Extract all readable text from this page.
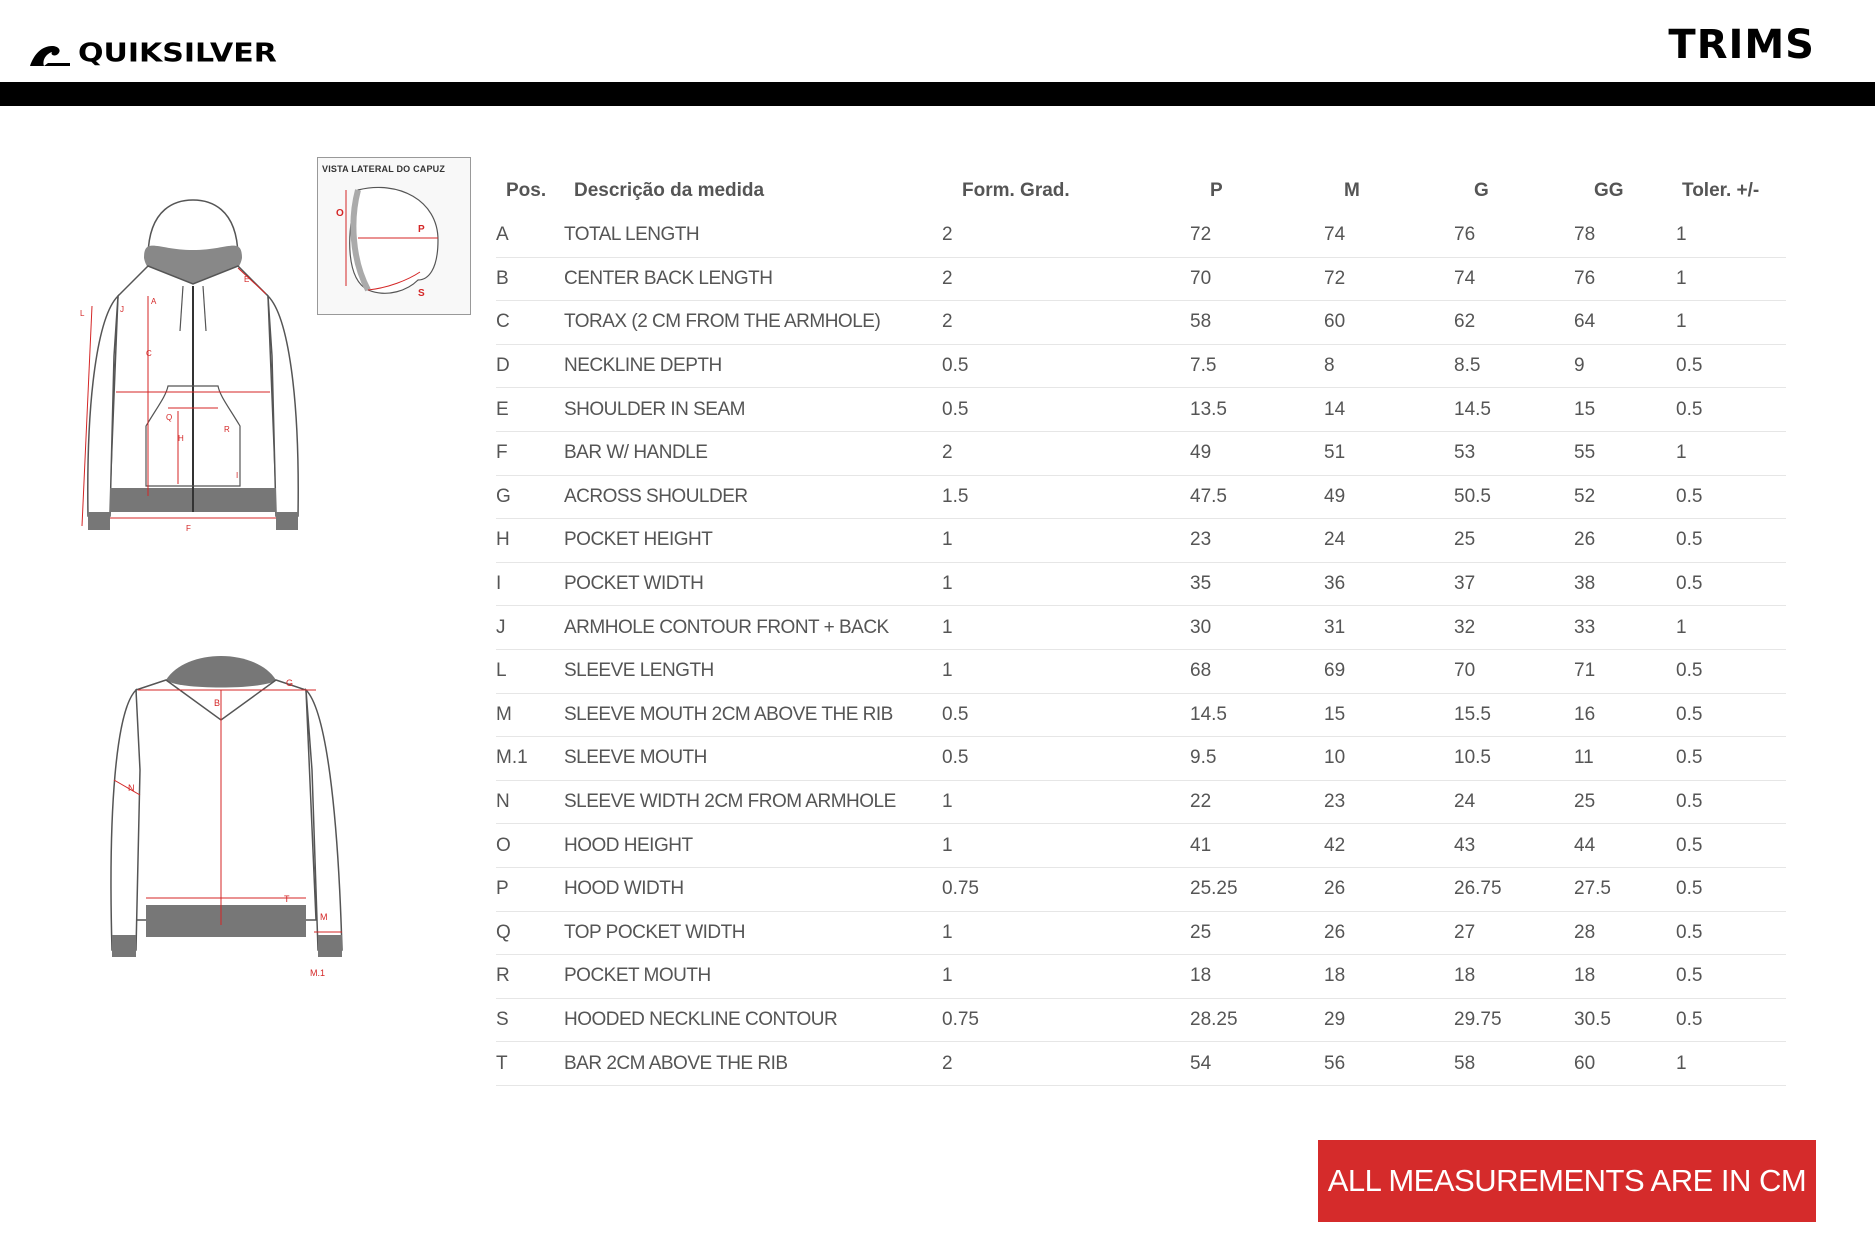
QUIKSILVER	TRIMS
C
A
F
L	J
E
Q
H
R
I
VISTA LATERAL DO CAPUZ
O
P
S
B
G
N
T
M
M.1
Pos.	Descrição da medida	Form. Grad.	P	M	G	GG	Toler. +/-
A	TOTAL LENGTH	2	72	74	76	78	1
B	CENTER BACK LENGTH	2	70	72	74	76	1
C	TORAX (2 CM FROM THE ARMHOLE)	2	58	60	62	64	1
D	NECKLINE DEPTH	0.5	7.5	8	8.5	9	0.5
E	SHOULDER IN SEAM	0.5	13.5	14	14.5	15	0.5
F	BAR W/ HANDLE	2	49	51	53	55	1
G	ACROSS SHOULDER	1.5	47.5	49	50.5	52	0.5
H	POCKET HEIGHT	1	23	24	25	26	0.5
I	POCKET WIDTH	1	35	36	37	38	0.5
J	ARMHOLE CONTOUR FRONT + BACK	1	30	31	32	33	1
L	SLEEVE LENGTH	1	68	69	70	71	0.5
M	SLEEVE MOUTH 2CM ABOVE THE RIB	0.5	14.5	15	15.5	16	0.5
M.1	SLEEVE MOUTH	0.5	9.5	10	10.5	11	0.5
N	SLEEVE WIDTH 2CM FROM ARMHOLE	1	22	23	24	25	0.5
O	HOOD HEIGHT	1	41	42	43	44	0.5
P	HOOD WIDTH	0.75	25.25	26	26.75	27.5	0.5
Q	TOP POCKET WIDTH	1	25	26	27	28	0.5
R	POCKET MOUTH	1	18	18	18	18	0.5
S	HOODED NECKLINE CONTOUR	0.75	28.25	29	29.75	30.5	0.5
T	BAR 2CM ABOVE THE RIB	2	54	56	58	60	1
ALL MEASUREMENTS ARE IN CM
